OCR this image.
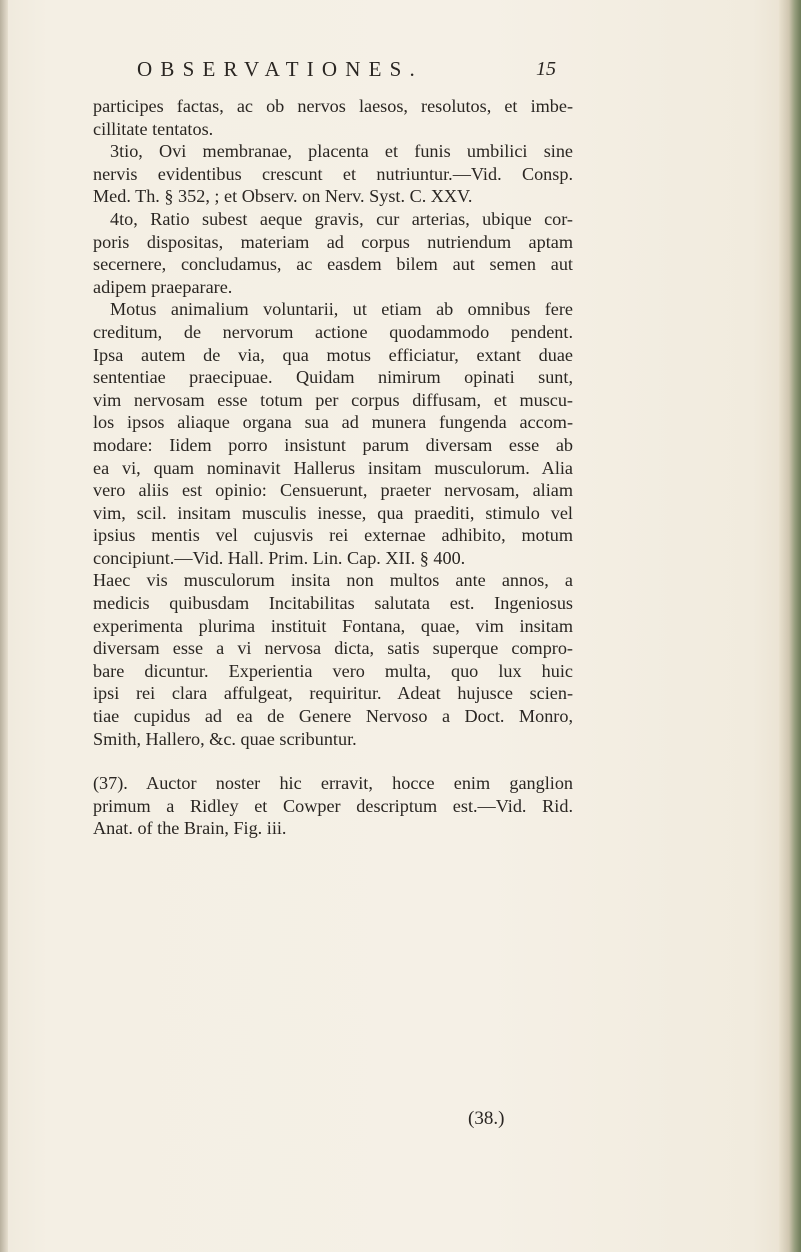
OBSERVATIONES.	15
participes factas, ac ob nervos laesos, resolutos, et imbe-
cillitate tentatos.
3tio, Ovi membranae, placenta et funis umbilici sine
nervis evidentibus crescunt et nutriuntur.—Vid. Consp.
Med. Th. § 352, ; et Observ. on Nerv. Syst. C. XXV.
4to, Ratio subest aeque gravis, cur arterias, ubique cor-
poris dispositas, materiam ad corpus nutriendum aptam
secernere, concludamus, ac easdem bilem aut semen aut
adipem praeparare.
Motus animalium voluntarii, ut etiam ab omnibus fere
creditum, de nervorum actione quodammodo pendent.
Ipsa autem de via, qua motus efficiatur, extant duae
sententiae praecipuae. Quidam nimirum opinati sunt,
vim nervosam esse totum per corpus diffusam, et muscu-
los ipsos aliaque organa sua ad munera fungenda accom-
modare: Iidem porro insistunt parum diversam esse ab
ea vi, quam nominavit Hallerus insitam musculorum. Alia
vero aliis est opinio: Censuerunt, praeter nervosam, aliam
vim, scil. insitam musculis inesse, qua praediti, stimulo vel
ipsius mentis vel cujusvis rei externae adhibito, motum
concipiunt.—Vid. Hall. Prim. Lin. Cap. XII. § 400.
Haec vis musculorum insita non multos ante annos, a
medicis quibusdam Incitabilitas salutata est. Ingeniosus
experimenta plurima instituit Fontana, quae, vim insitam
diversam esse a vi nervosa dicta, satis superque compro-
bare dicuntur. Experientia vero multa, quo lux huic
ipsi rei clara affulgeat, requiritur. Adeat hujusce scien-
tiae cupidus ad ea de Genere Nervoso a Doct. Monro,
Smith, Hallero, &c. quae scribuntur.
(37). Auctor noster hic erravit, hocce enim ganglion
primum a Ridley et Cowper descriptum est.—Vid. Rid.
Anat. of the Brain, Fig. iii.
(38.)
